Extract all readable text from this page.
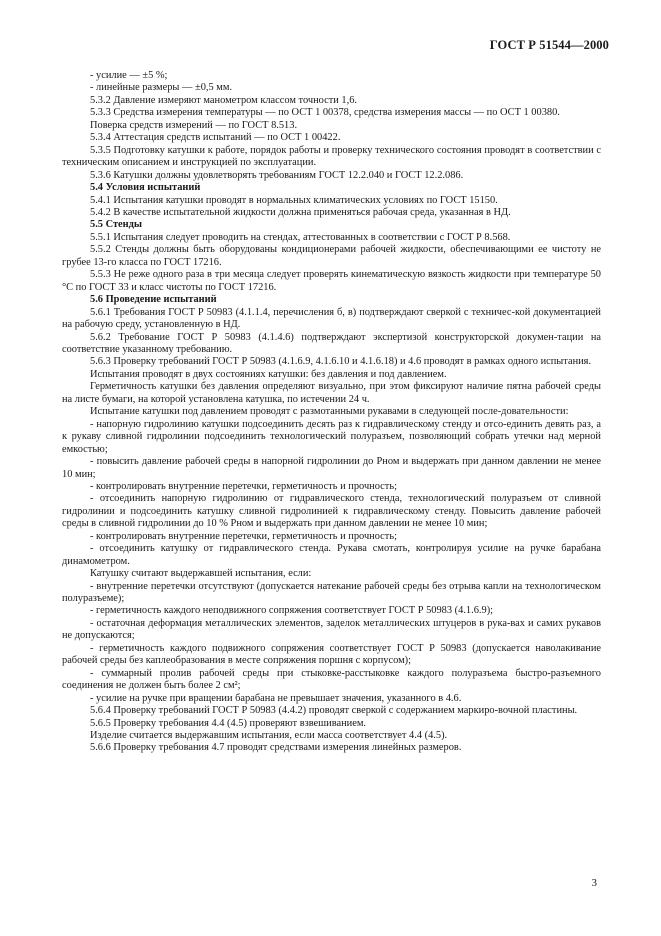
ГОСТ Р 51544—2000

- усилие — ±5 %;

- линейные размеры — ±0,5 мм.

5.3.2 Давление измеряют манометром классом точности 1,6.

5.3.3 Средства измерения температуры — по ОСТ 1 00378, средства измерения массы — по ОСТ 1 00380.

Поверка средств измерений — по ГОСТ 8.513.

5.3.4 Аттестация средств испытаний — по ОСТ 1 00422.

5.3.5 Подготовку катушки к работе, порядок работы и проверку технического состояния проводят в соответствии с техническим описанием и инструкцией по эксплуатации.

5.3.6 Катушки должны удовлетворять требованиям ГОСТ 12.2.040 и ГОСТ 12.2.086.

5.4 Условия испытаний

5.4.1 Испытания катушки проводят в нормальных климатических условиях по ГОСТ 15150.

5.4.2 В качестве испытательной жидкости должна применяться рабочая среда, указанная в НД.

5.5 Стенды

5.5.1 Испытания следует проводить на стендах, аттестованных в соответствии с ГОСТ Р 8.568.

5.5.2 Стенды должны быть оборудованы кондиционерами рабочей жидкости, обеспечивающими ее чистоту не грубее 13-го класса по ГОСТ 17216.

5.5.3 Не реже одного раза в три месяца следует проверять кинематическую вязкость жидкости при температуре 50 °С по ГОСТ 33 и класс чистоты по ГОСТ 17216.

5.6 Проведение испытаний

5.6.1 Требования ГОСТ Р 50983 (4.1.1.4, перечисления б, в) подтверждают сверкой с техничес-кой документацией на рабочую среду, установленную в НД.

5.6.2 Требование ГОСТ Р 50983 (4.1.4.6) подтверждают экспертизой конструкторской докумен-тации на соответствие указанному требованию.

5.6.3 Проверку требований ГОСТ Р 50983 (4.1.6.9, 4.1.6.10 и 4.1.6.18) и 4.6 проводят в рамках одного испытания.

Испытания проводят в двух состояниях катушки: без давления и под давлением.

Герметичность катушки без давления определяют визуально, при этом фиксируют наличие пятна рабочей среды на листе бумаги, на которой установлена катушка, по истечении 24 ч.

Испытание катушки под давлением проводят с размотанными рукавами в следующей после-довательности:

- напорную гидролинию катушки подсоединить десять раз к гидравлическому стенду и отсо-единить девять раз, а к рукаву сливной гидролинии подсоединить технологический полуразъем, позволяющий собрать утечки над мерной емкостью;

- повысить давление рабочей среды в напорной гидролинии до Pном и выдержать при данном давлении не менее 10 мин;

- контролировать внутренние перетечки, герметичность и прочность;

- отсоединить напорную гидролинию от гидравлического стенда, технологический полуразъем от сливной гидролинии и подсоединить катушку сливной гидролинией к гидравлическому стенду. Повысить давление рабочей среды в сливной гидролинии до 10 % Pном и выдержать при данном давлении не менее 10 мин;

- контролировать внутренние перетечки, герметичность и прочность;

- отсоединить катушку от гидравлического стенда. Рукава смотать, контролируя усилие на ручке барабана динамометром.

Катушку считают выдержавшей испытания, если:

- внутренние перетечки отсутствуют (допускается натекание рабочей среды без отрыва капли на технологическом полуразъеме);

- герметичность каждого неподвижного сопряжения соответствует ГОСТ Р 50983 (4.1.6.9);

- остаточная деформация металлических элементов, заделок металлических штуцеров в рука-вах и самих рукавов не допускаются;

- герметичность каждого подвижного сопряжения соответствует ГОСТ Р 50983 (допускается наволакивание рабочей среды без каплеобразования в месте сопряжения поршня с корпусом);

- суммарный пролив рабочей среды при стыковке-расстыковке каждого полуразъема быстро-разъемного соединения не должен быть более 2 см²;

- усилие на ручке при вращении барабана не превышает значения, указанного в 4.6.

5.6.4 Проверку требований ГОСТ Р 50983 (4.4.2) проводят сверкой с содержанием маркиро-вочной пластины.

5.6.5 Проверку требования 4.4 (4.5) проверяют взвешиванием.

Изделие считается выдержавшим испытания, если масса соответствует 4.4 (4.5).

5.6.6 Проверку требования 4.7 проводят средствами измерения линейных размеров.

3
